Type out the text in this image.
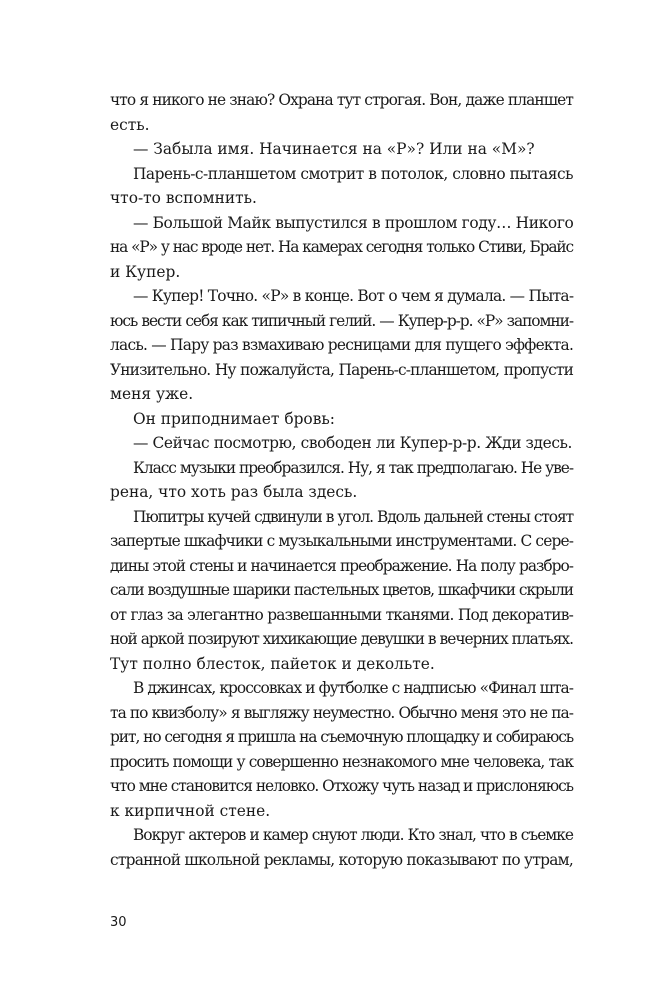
что я никого не знаю? Охрана тут строгая. Вон, даже планшет
есть.
— Забыла имя. Начинается на «Р»? Или на «М»?
Парень-с-планшетом смотрит в потолок, словно пытаясь
что-то вспомнить.
— Большой Майк выпустился в прошлом году… Никого
на «Р» у нас вроде нет. На камерах сегодня только Стиви, Брайс
и Купер.
— Купер! Точно. «Р» в конце. Вот о чем я думала. — Пыта-
юсь вести себя как типичный гелий. — Купер-р-р. «Р» запомни-
лась. — Пару раз взмахиваю ресницами для пущего эффекта.
Унизительно. Ну пожалуйста, Парень-с-планшетом, пропусти
меня уже.
Он приподнимает бровь:
— Сейчас посмотрю, свободен ли Купер-р-р. Жди здесь.
Класс музыки преобразился. Ну, я так предполагаю. Не уве-
рена, что хоть раз была здесь.
Пюпитры кучей сдвинули в угол. Вдоль дальней стены стоят
запертые шкафчики с музыкальными инструментами. С сере-
дины этой стены и начинается преображение. На полу разбро-
сали воздушные шарики пастельных цветов, шкафчики скрыли
от глаз за элегантно развешанными тканями. Под декоратив-
ной аркой позируют хихикающие девушки в вечерних платьях.
Тут полно блесток, пайеток и декольте.
В джинсах, кроссовках и футболке с надписью «Финал шта-
та по квизболу» я выгляжу неуместно. Обычно меня это не па-
рит, но сегодня я пришла на съемочную площадку и собираюсь
просить помощи у совершенно незнакомого мне человека, так
что мне становится неловко. Отхожу чуть назад и прислоняюсь
к кирпичной стене.
Вокруг актеров и камер снуют люди. Кто знал, что в съемке
странной школьной рекламы, которую показывают по утрам,
30
